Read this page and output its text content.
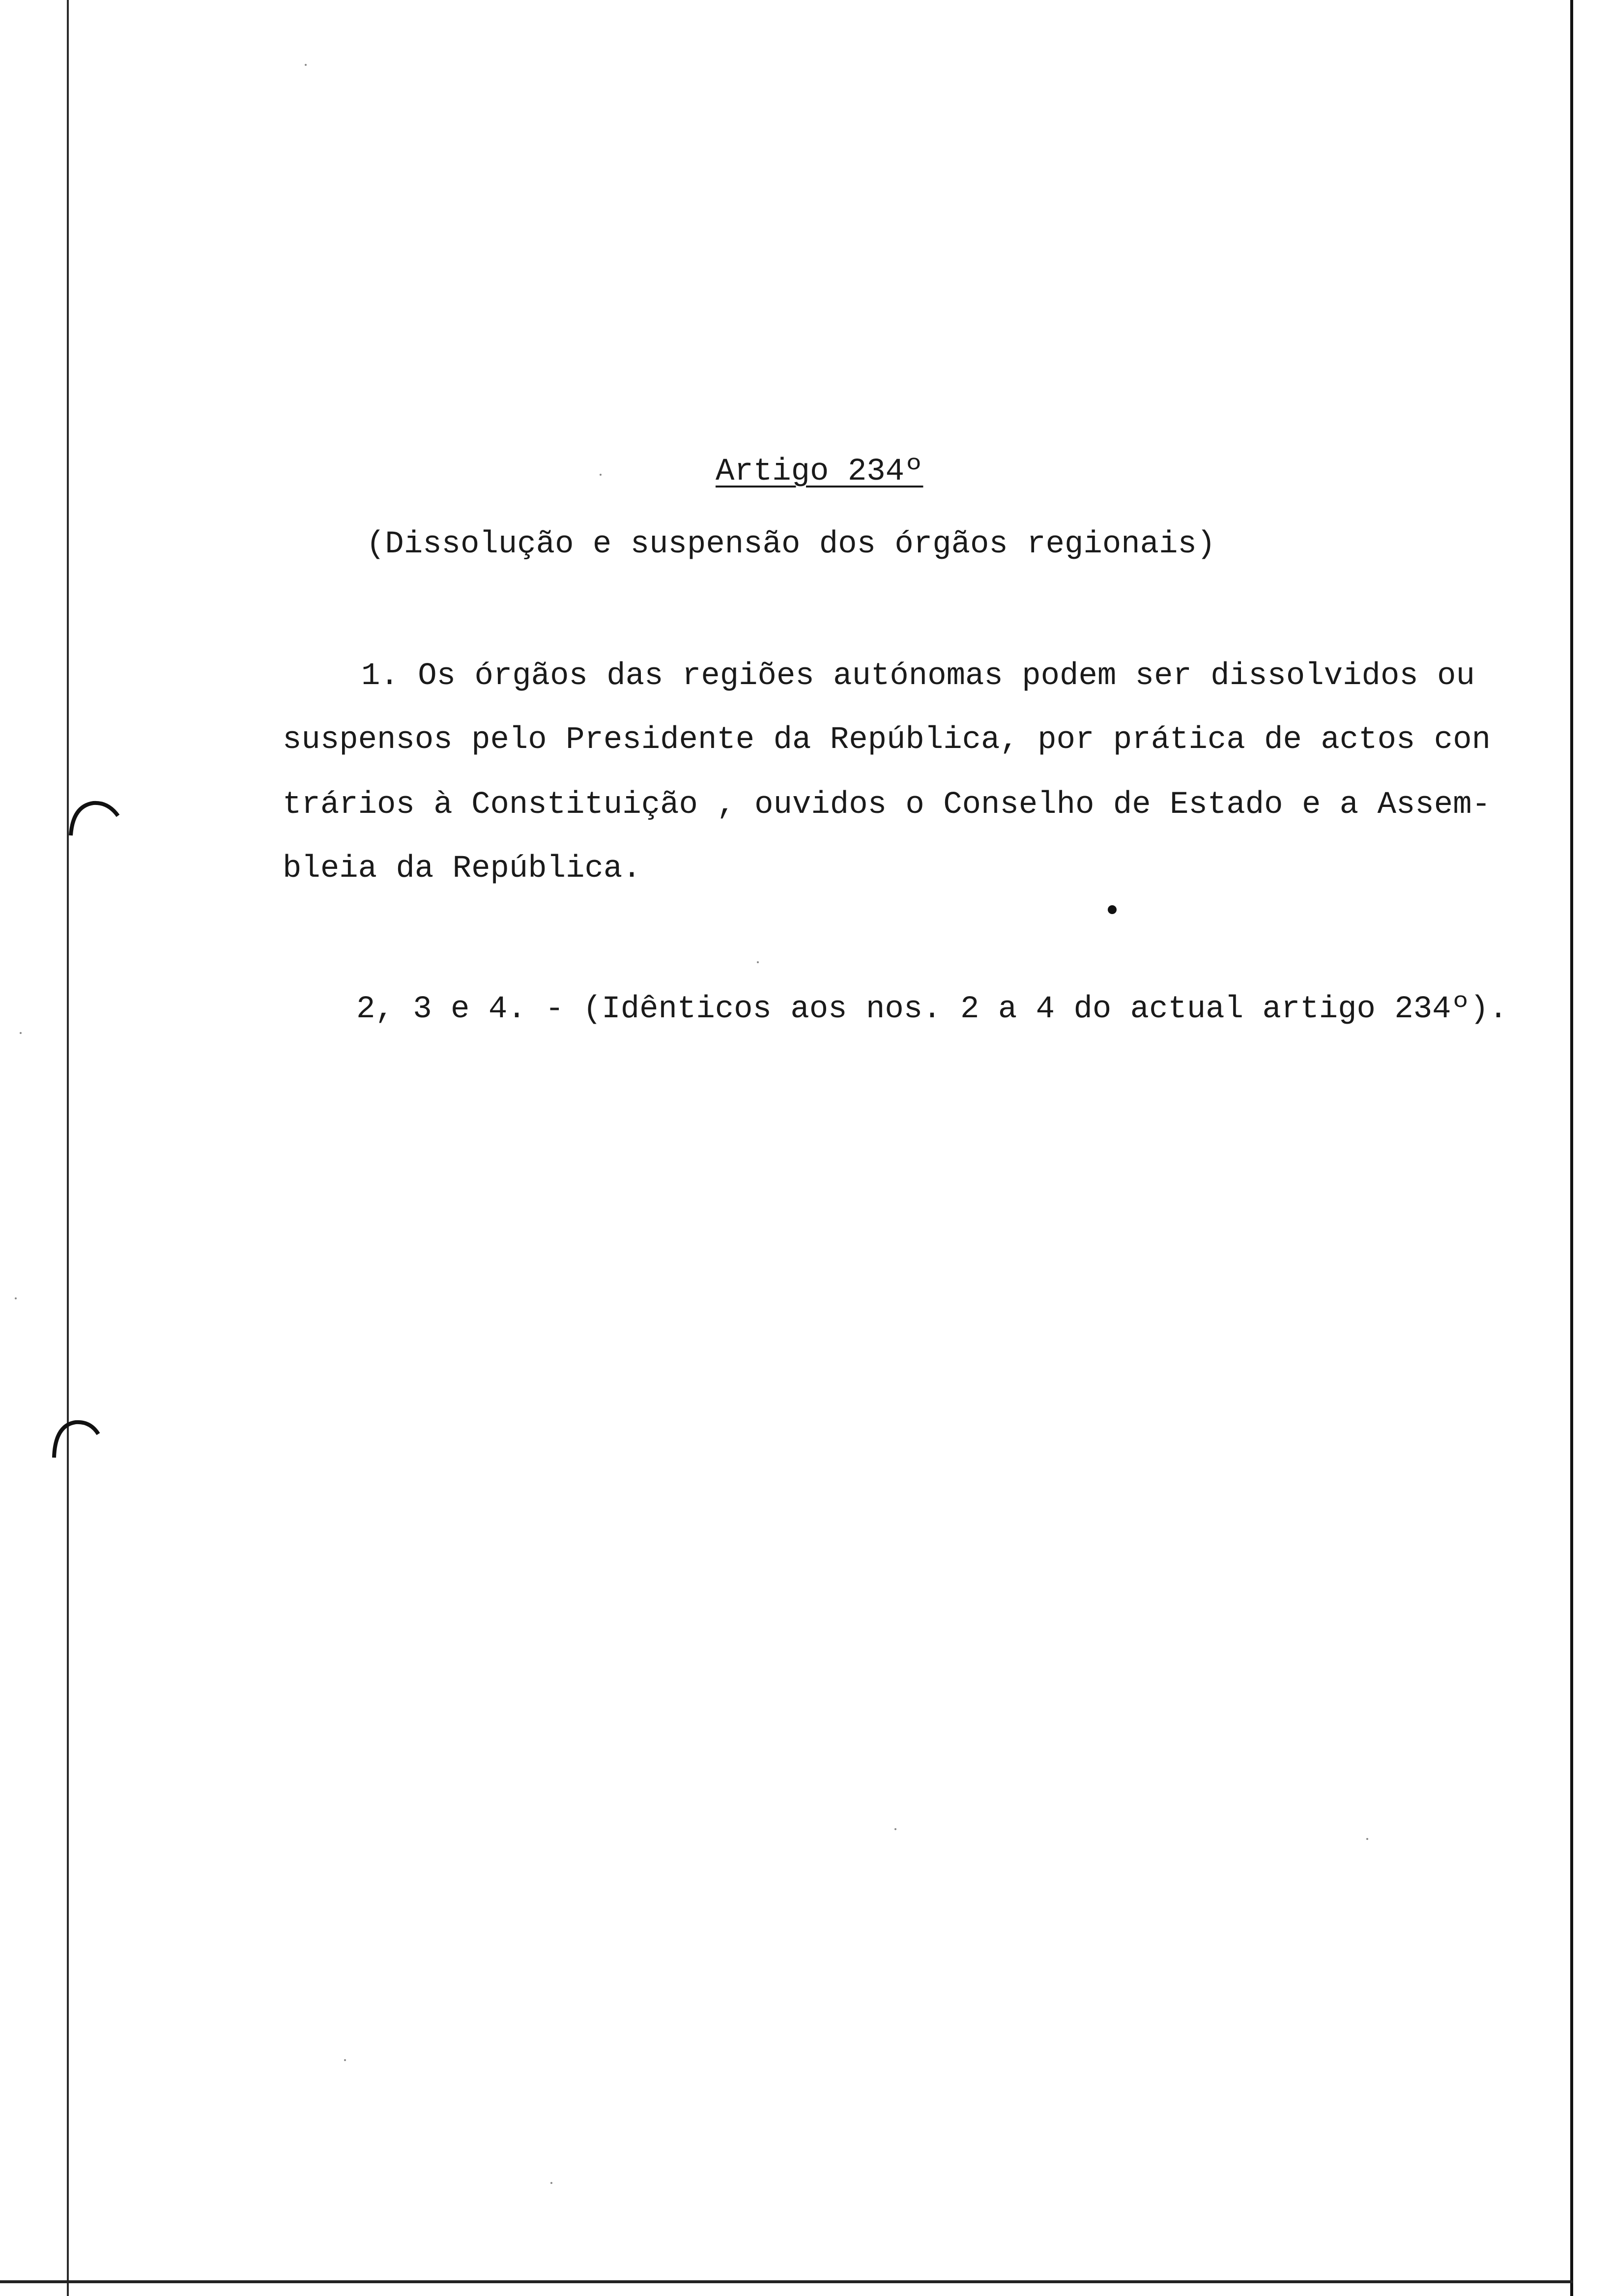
Artigo 234º
(Dissolução e suspensão dos órgãos regionais)
1. Os órgãos das regiões autónomas podem ser dissolvidos ou
suspensos pelo Presidente da República, por prática de actos con
trários à Constituição , ouvidos o Conselho de Estado e a Assem-
bleia da República.
2, 3 e 4. - (Idênticos aos nos. 2 a 4 do actual artigo 234º).
